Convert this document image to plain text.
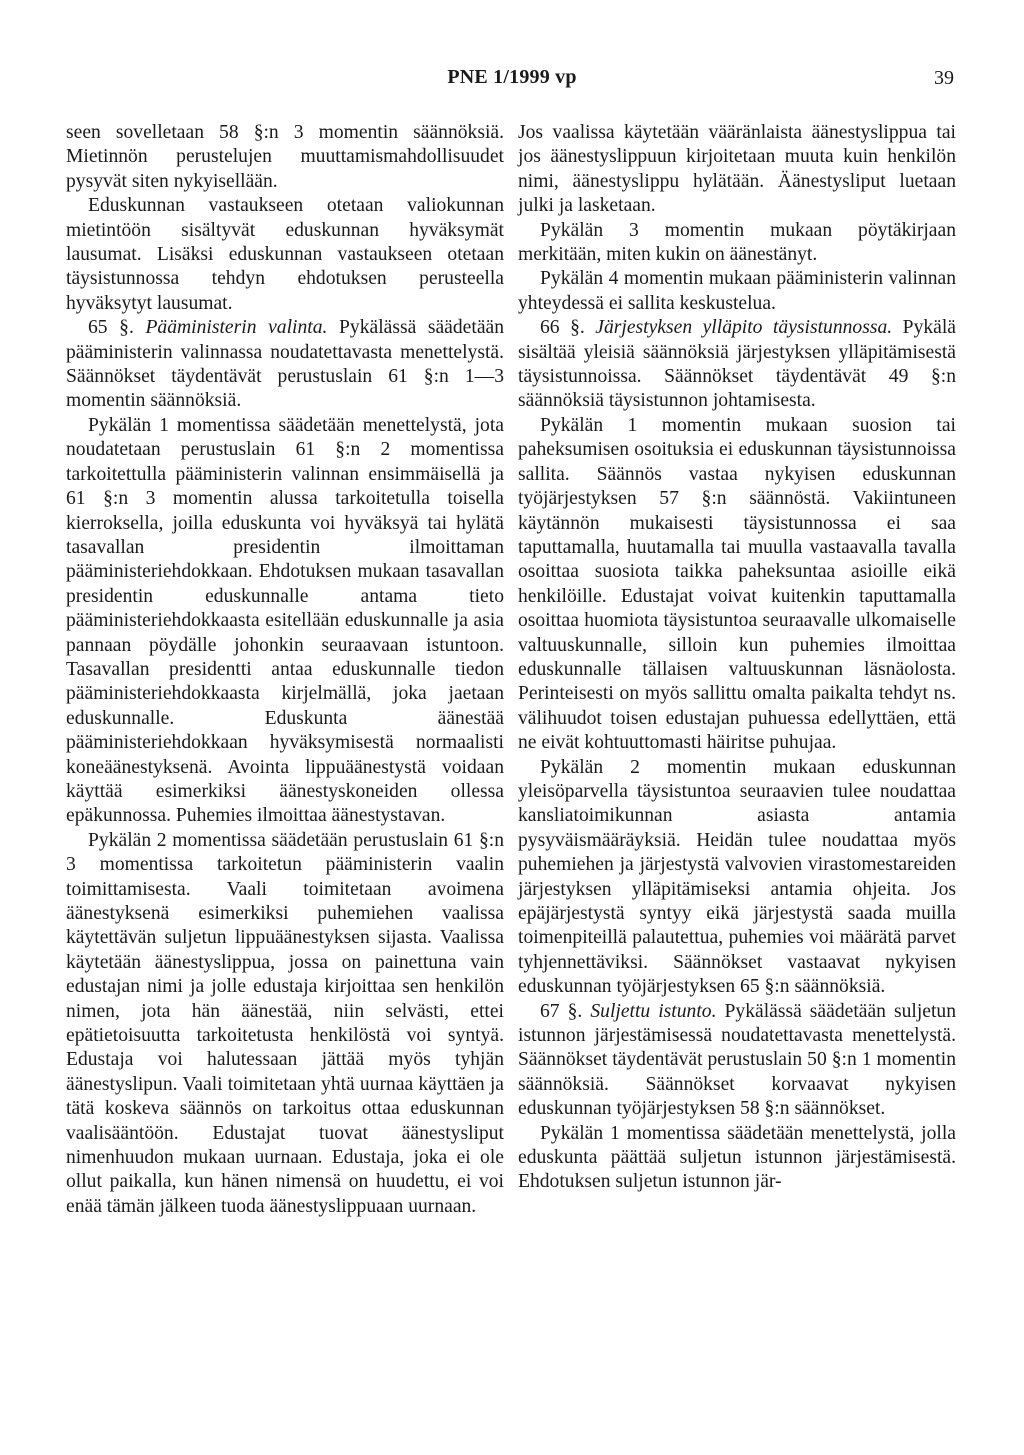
PNE 1/1999 vp	39

seen sovelletaan 58 §:n 3 momentin säännöksiä. Mietinnön perustelujen muuttamismahdollisuudet pysyvät siten nykyisellään.

Eduskunnan vastaukseen otetaan valiokunnan mietintöön sisältyvät eduskunnan hyväksymät lausumat. Lisäksi eduskunnan vastaukseen otetaan täysistunnossa tehdyn ehdotuksen perusteella hyväksytyt lausumat.

65 §. Pääministerin valinta. Pykälässä säädetään pääministerin valinnassa noudatettavasta menettelystä. Säännökset täydentävät perustuslain 61 §:n 1—3 momentin säännöksiä.

Pykälän 1 momentissa säädetään menettelystä, jota noudatetaan perustuslain 61 §:n 2 momentissa tarkoitettulla pääministerin valinnan ensimmäisellä ja 61 §:n 3 momentin alussa tarkoitetulla toisella kierroksella, joilla eduskunta voi hyväksyä tai hylätä tasavallan presidentin ilmoittaman pääministeriehdokkaan. Ehdotuksen mukaan tasavallan presidentin eduskunnalle antama tieto pääministeriehdokkaasta esitellään eduskunnalle ja asia pannaan pöydälle johonkin seuraavaan istuntoon. Tasavallan presidentti antaa eduskunnalle tiedon pääministeriehdokkaasta kirjelmällä, joka jaetaan eduskunnalle. Eduskunta äänestää pääministeriehdokkaan hyväksymisestä normaalisti koneäänestyksenä. Avointa lippuäänestystä voidaan käyttää esimerkiksi äänestyskoneiden ollessa epäkunnossa. Puhemies ilmoittaa äänestystavan.

Pykälän 2 momentissa säädetään perustuslain 61 §:n 3 momentissa tarkoitetun pääministerin vaalin toimittamisesta. Vaali toimitetaan avoimena äänestyksenä esimerkiksi puhemiehen vaalissa käytettävän suljetun lippuäänestyksen sijasta. Vaalissa käytetään äänestyslippua, jossa on painettuna vain edustajan nimi ja jolle edustaja kirjoittaa sen henkilön nimen, jota hän äänestää, niin selvästi, ettei epätietoisuutta tarkoitetusta henkilöstä voi syntyä. Edustaja voi halutessaan jättää myös tyhjän äänestyslipun. Vaali toimitetaan yhtä uurnaa käyttäen ja tätä koskeva säännös on tarkoitus ottaa eduskunnan vaalisääntöön. Edustajat tuovat äänestysliput nimenhuudon mukaan uurnaan. Edustaja, joka ei ole ollut paikalla, kun hänen nimensä on huudettu, ei voi enää tämän jälkeen tuoda äänestyslippuaan uurnaan.

Jos vaalissa käytetään vääränlaista äänestyslippua tai jos äänestyslippuun kirjoitetaan muuta kuin henkilön nimi, äänestyslippu hylätään. Äänestysliput luetaan julki ja lasketaan.

Pykälän 3 momentin mukaan pöytäkirjaan merkitään, miten kukin on äänestänyt.

Pykälän 4 momentin mukaan pääministerin valinnan yhteydessä ei sallita keskustelua.

66 §. Järjestyksen ylläpito täysistunnossa. Pykälä sisältää yleisiä säännöksiä järjestyksen ylläpitämisestä täysistunnoissa. Säännökset täydentävät 49 §:n säännöksiä täysistunnon johtamisesta.

Pykälän 1 momentin mukaan suosion tai paheksumisen osoituksia ei eduskunnan täysistunnoissa sallita. Säännös vastaa nykyisen eduskunnan työjärjestyksen 57 §:n säännöstä. Vakiintuneen käytännön mukaisesti täysistunnossa ei saa taputtamalla, huutamalla tai muulla vastaavalla tavalla osoittaa suosiota taikka paheksuntaa asioille eikä henkilöille. Edustajat voivat kuitenkin taputtamalla osoittaa huomiota täysistuntoa seuraavalle ulkomaiselle valtuuskunnalle, silloin kun puhemies ilmoittaa eduskunnalle tällaisen valtuuskunnan läsnäolosta. Perinteisesti on myös sallittu omalta paikalta tehdyt ns. välihuudot toisen edustajan puhuessa edellyttäen, että ne eivät kohtuuttomasti häiritse puhujaa.

Pykälän 2 momentin mukaan eduskunnan yleisöparvella täysistuntoa seuraavien tulee noudattaa kansliatoimikunnan asiasta antamia pysyväismääräyksiä. Heidän tulee noudattaa myös puhemiehen ja järjestystä valvovien virastomestareiden järjestyksen ylläpitämiseksi antamia ohjeita. Jos epäjärjestystä syntyy eikä järjestystä saada muilla toimenpiteillä palautettua, puhemies voi määrätä parvet tyhjennettäviksi. Säännökset vastaavat nykyisen eduskunnan työjärjestyksen 65 §:n säännöksiä.

67 §. Suljettu istunto. Pykälässä säädetään suljetun istunnon järjestämisessä noudatettavasta menettelystä. Säännökset täydentävät perustuslain 50 §:n 1 momentin säännöksiä. Säännökset korvaavat nykyisen eduskunnan työjärjestyksen 58 §:n säännökset.

Pykälän 1 momentissa säädetään menettelystä, jolla eduskunta päättää suljetun istunnon järjestämisestä. Ehdotuksen suljetun istunnon jär-
